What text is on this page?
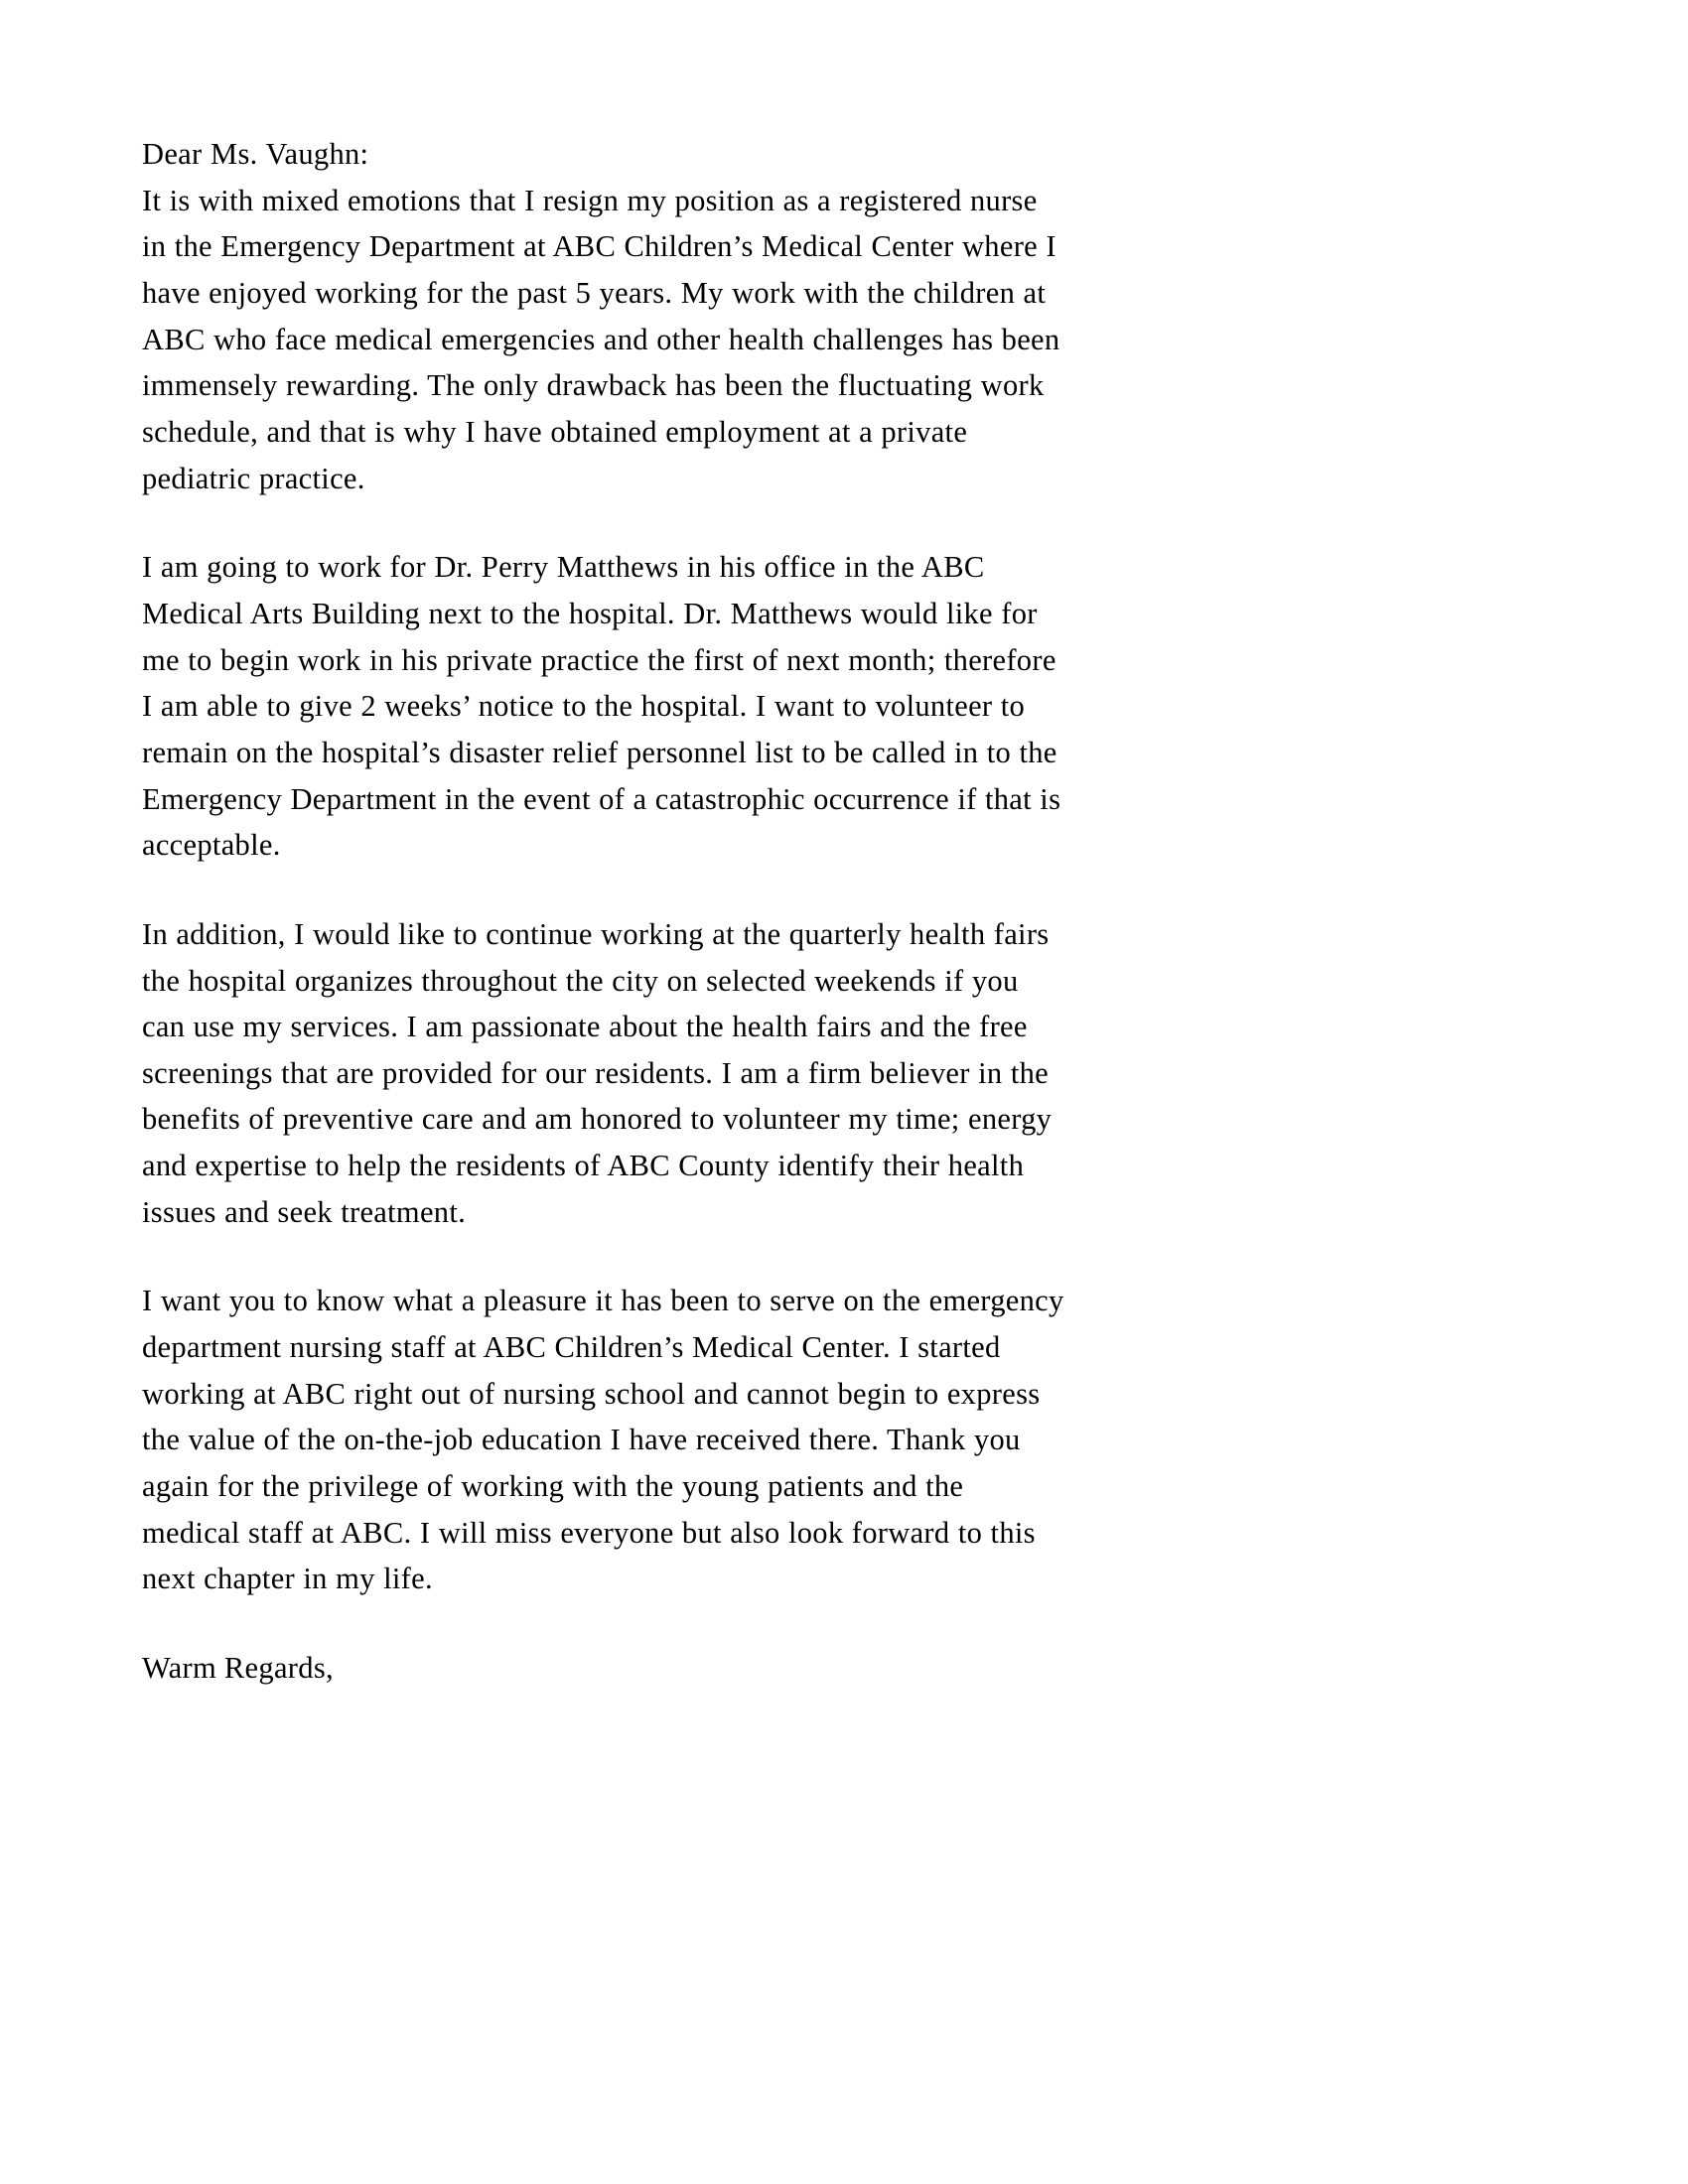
Dear Ms. Vaughn:

It is with mixed emotions that I resign my position as a registered nurse in the Emergency Department at ABC Children’s Medical Center where I have enjoyed working for the past 5 years. My work with the children at ABC who face medical emergencies and other health challenges has been immensely rewarding. The only drawback has been the fluctuating work schedule, and that is why I have obtained employment at a private pediatric practice.

I am going to work for Dr. Perry Matthews in his office in the ABC Medical Arts Building next to the hospital. Dr. Matthews would like for me to begin work in his private practice the first of next month; therefore I am able to give 2 weeks’ notice to the hospital. I want to volunteer to remain on the hospital’s disaster relief personnel list to be called in to the Emergency Department in the event of a catastrophic occurrence if that is acceptable.

In addition, I would like to continue working at the quarterly health fairs the hospital organizes throughout the city on selected weekends if you can use my services. I am passionate about the health fairs and the free screenings that are provided for our residents. I am a firm believer in the benefits of preventive care and am honored to volunteer my time; energy and expertise to help the residents of ABC County identify their health issues and seek treatment.

I want you to know what a pleasure it has been to serve on the emergency department nursing staff at ABC Children’s Medical Center. I started working at ABC right out of nursing school and cannot begin to express the value of the on-the-job education I have received there. Thank you again for the privilege of working with the young patients and the medical staff at ABC. I will miss everyone but also look forward to this next chapter in my life.

Warm Regards,
